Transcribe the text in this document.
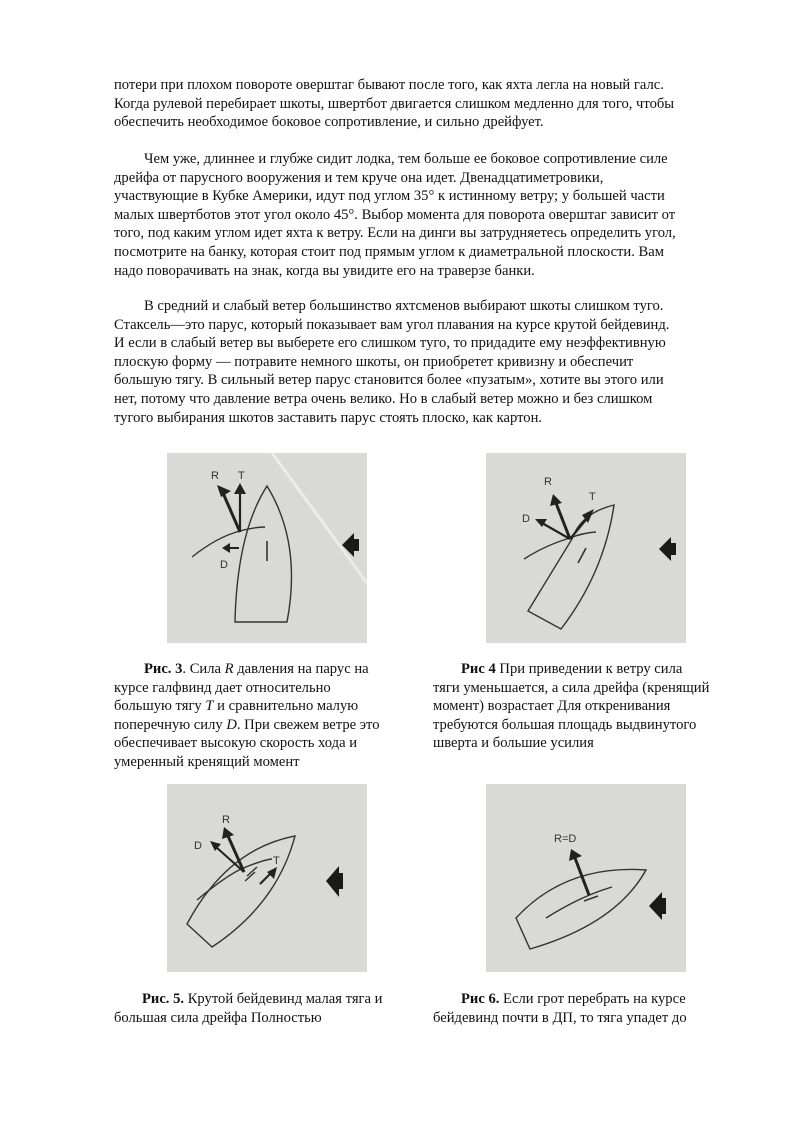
потери при плохом повороте оверштаг бывают после того, как яхта легла на новый галс.
Когда рулевой перебирает шкоты, швертбот двигается слишком медленно для того, чтобы
обеспечить необходимое боковое сопротивление, и сильно дрейфует.
Чем уже, длиннее и глубже сидит лодка, тем больше ее боковое сопротивление силе
дрейфа от парусного вооружения и тем круче она идет. Двенадцатиметровики,
участвующие в Кубке Америки, идут под углом 35° к истинному ветру; у большей части
малых швертботов этот угол около 45°. Выбор момента для поворота оверштаг зависит от
того, под каким углом идет яхта к ветру. Если на динги вы затрудняетесь определить угол,
посмотрите на банку, которая стоит под прямым углом к диаметральной плоскости. Вам
надо поворачивать на знак, когда вы увидите его на траверзе банки.
В средний и слабый ветер большинство яхтсменов выбирают шкоты слишком туго.
Стаксель—это парус, который показывает вам угол плавания на курсе крутой бейдевинд.
И если в слабый ветер вы выберете его слишком туго, то придадите ему неэффективную
плоскую форму — потравите немного шкоты, он приобретет кривизну и обеспечит
большую тягу. В сильный ветер парус становится более «пузатым», хотите вы этого или
нет, потому что давление ветра очень велико. Но в слабый ветер можно и без слишком
тугого выбирания шкотов заставить парус стоять плоско, как картон.
R T
D
R
T
D
Рис. 3. Сила R давления на парус на
курсе галфвинд дает относительно
большую тягу T и сравнительно малую
поперечную силу D. При свежем ветре это
обеспечивает высокую скорость хода и
умеренный кренящий момент
Рис 4 При приведении к ветру сила
тяги уменьшается, а сила дрейфа (кренящий
момент) возрастает Для откренивания
требуются большая площадь выдвинутого
шверта и большие усилия
R
T
D
R=D
Рис. 5. Крутой бейдевинд малая тяга и
большая сила дрейфа Полностью
Рис 6. Если грот перебрать на курсе
бейдевинд почти в ДП, то тяга упадет до
